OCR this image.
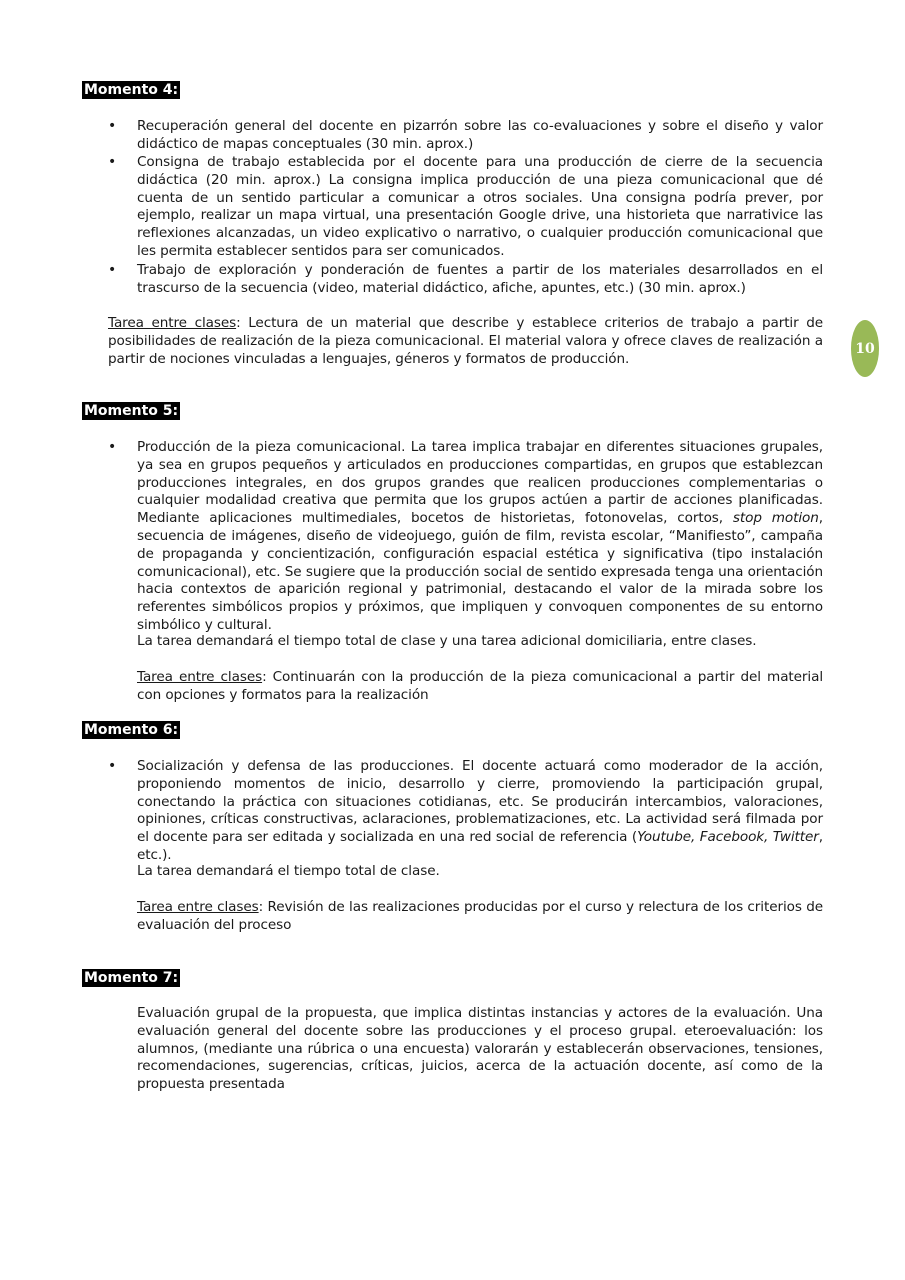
Momento 4:
• Recuperación general del docente en pizarrón sobre las co-evaluaciones y sobre el diseño y valor didáctico de mapas conceptuales (30 min. aprox.)

• Consigna de trabajo establecida por el docente para una producción de cierre de la secuencia didáctica (20 min. aprox.) La consigna implica producción de una pieza comunicacional que dé cuenta de un sentido particular a comunicar a otros sociales. Una consigna podría prever, por ejemplo, realizar un mapa virtual, una presentación Google drive, una historieta que narrativice las reflexiones alcanzadas, un video explicativo o narrativo, o cualquier producción comunicacional que les permita establecer sentidos para ser comunicados.

• Trabajo de exploración y ponderación de fuentes a partir de los materiales desarrollados en el trascurso de la secuencia (video, material didáctico, afiche, apuntes, etc.) (30 min. aprox.)

Tarea entre clases: Lectura de un material que describe y establece criterios de trabajo a partir de posibilidades de realización de la pieza comunicacional. El material valora y ofrece claves de realización a partir de nociones vinculadas a lenguajes, géneros y formatos de producción.

Momento 5:
• Producción de la pieza comunicacional. La tarea implica trabajar en diferentes situaciones grupales, ya sea en grupos pequeños y articulados en producciones compartidas, en grupos que establezcan producciones integrales, en dos grupos grandes que realicen producciones complementarias o cualquier modalidad creativa que permita que los grupos actúen a partir de acciones planificadas. Mediante aplicaciones multimediales, bocetos de historietas, fotonovelas, cortos, stop motion, secuencia de imágenes, diseño de videojuego, guión de film, revista escolar, “Manifiesto”, campaña de propaganda y concientización, configuración espacial estética y significativa (tipo instalación comunicacional), etc. Se sugiere que la producción social de sentido expresada tenga una orientación hacia contextos de aparición regional y patrimonial, destacando el valor de la mirada sobre los referentes simbólicos propios y próximos, que impliquen y convoquen componentes de su entorno simbólico y cultural.

La tarea demandará el tiempo total de clase y una tarea adicional domiciliaria, entre clases.

Tarea entre clases: Continuarán con la producción de la pieza comunicacional a partir del material con opciones y formatos para la realización

Momento 6:
• Socialización y defensa de las producciones. El docente actuará como moderador de la acción, proponiendo momentos de inicio, desarrollo y cierre, promoviendo la participación grupal, conectando la práctica con situaciones cotidianas, etc. Se producirán intercambios, valoraciones, opiniones, críticas constructivas, aclaraciones, problematizaciones, etc. La actividad será filmada por el docente para ser editada y socializada en una red social de referencia (Youtube, Facebook, Twitter, etc.).

La tarea demandará el tiempo total de clase.

Tarea entre clases: Revisión de las realizaciones producidas por el curso y relectura de los criterios de evaluación del proceso

Momento 7:

Evaluación grupal de la propuesta, que implica distintas instancias y actores de la evaluación. Una evaluación general del docente sobre las producciones y el proceso grupal. eteroevaluación: los alumnos, (mediante una rúbrica o una encuesta) valorarán y establecerán observaciones, tensiones, recomendaciones, sugerencias, críticas, juicios, acerca de la actuación docente, así como de la propuesta presentada

10
